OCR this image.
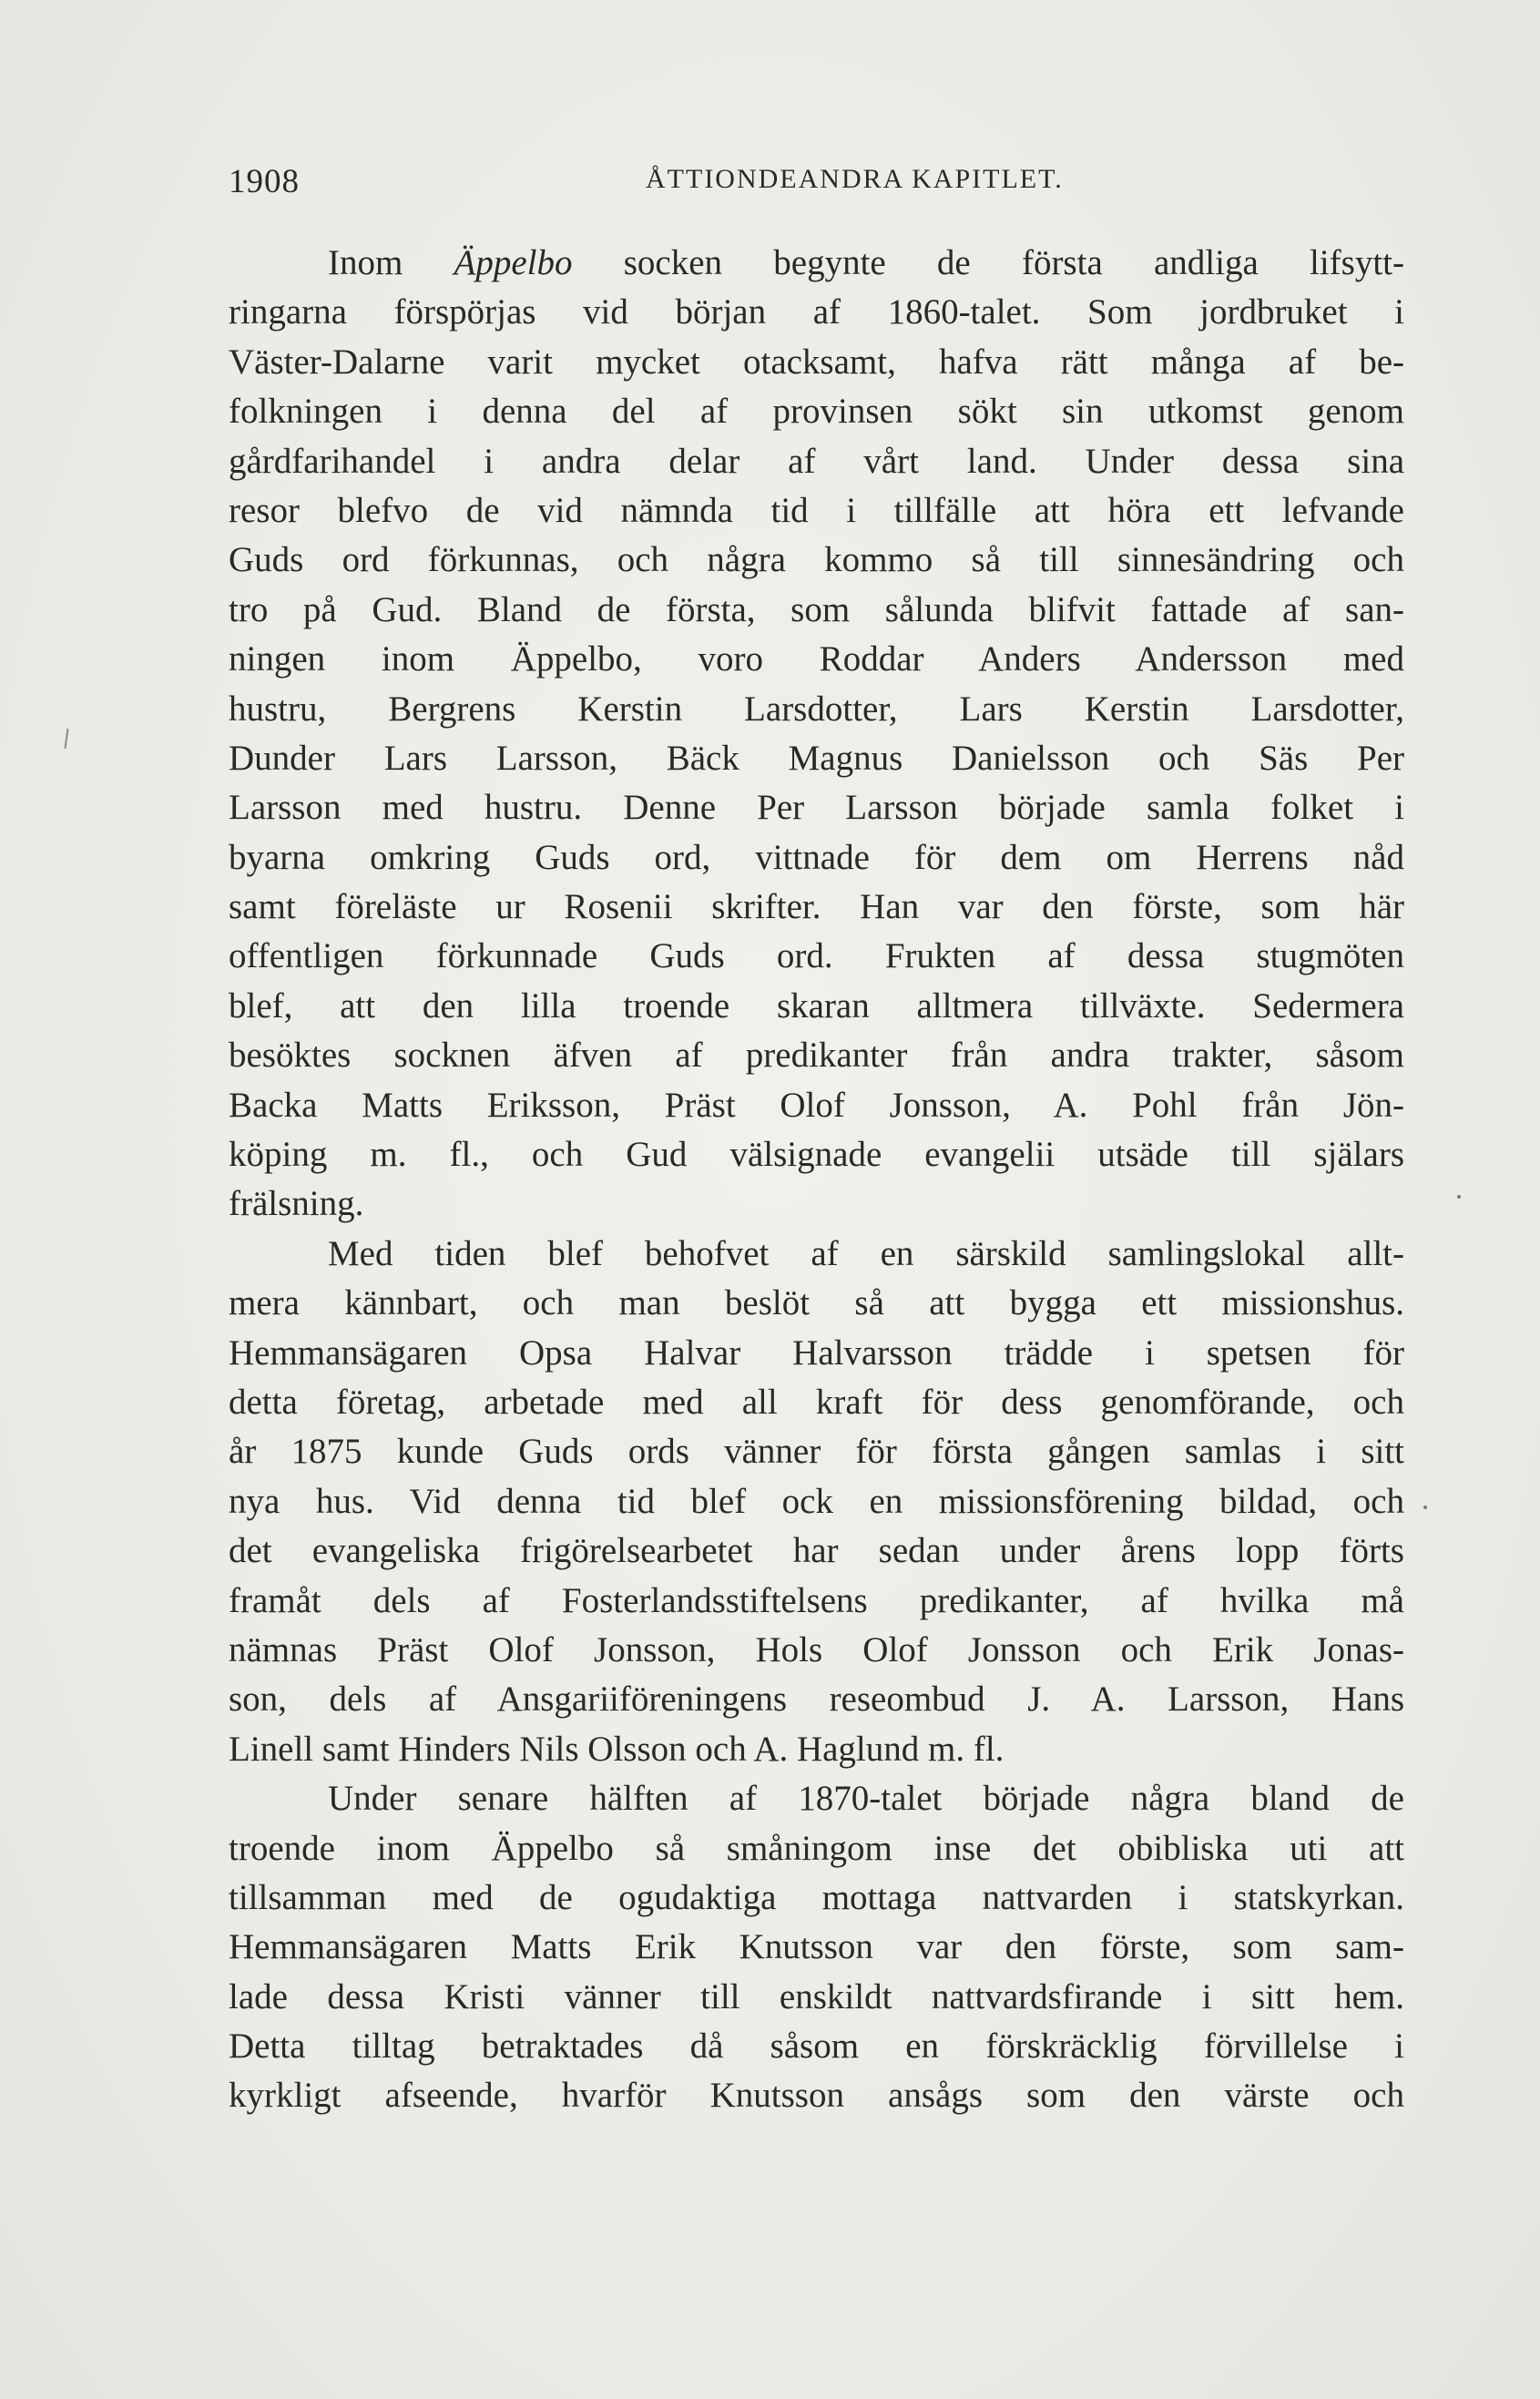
1908	ÅTTIONDEANDRA KAPITLET.
Inom Äppelbo socken begynte de första andliga lifsytt-
ringarna förspörjas vid början af 1860-talet. Som jordbruket i
Väster-Dalarne varit mycket otacksamt, hafva rätt många af be-
folkningen i denna del af provinsen sökt sin utkomst genom
gårdfarihandel i andra delar af vårt land. Under dessa sina
resor blefvo de vid nämnda tid i tillfälle att höra ett lefvande
Guds ord förkunnas, och några kommo så till sinnesändring och
tro på Gud. Bland de första, som sålunda blifvit fattade af san-
ningen inom Äppelbo, voro Roddar Anders Andersson med
hustru, Bergrens Kerstin Larsdotter, Lars Kerstin Larsdotter,
Dunder Lars Larsson, Bäck Magnus Danielsson och Säs Per
Larsson med hustru. Denne Per Larsson började samla folket i
byarna omkring Guds ord, vittnade för dem om Herrens nåd
samt föreläste ur Rosenii skrifter. Han var den förste, som här
offentligen förkunnade Guds ord. Frukten af dessa stugmöten
blef, att den lilla troende skaran alltmera tillväxte. Sedermera
besöktes socknen äfven af predikanter från andra trakter, såsom
Backa Matts Eriksson, Präst Olof Jonsson, A. Pohl från Jön-
köping m. fl., och Gud välsignade evangelii utsäde till själars
frälsning.
Med tiden blef behofvet af en särskild samlingslokal allt-
mera kännbart, och man beslöt så att bygga ett missionshus.
Hemmansägaren Opsa Halvar Halvarsson trädde i spetsen för
detta företag, arbetade med all kraft för dess genomförande, och
år 1875 kunde Guds ords vänner för första gången samlas i sitt
nya hus. Vid denna tid blef ock en missionsförening bildad, och
det evangeliska frigörelsearbetet har sedan under årens lopp förts
framåt dels af Fosterlandsstiftelsens predikanter, af hvilka må
nämnas Präst Olof Jonsson, Hols Olof Jonsson och Erik Jonas-
son, dels af Ansgariiföreningens reseombud J. A. Larsson, Hans
Linell samt Hinders Nils Olsson och A. Haglund m. fl.
Under senare hälften af 1870-talet började några bland de
troende inom Äppelbo så småningom inse det obibliska uti att
tillsamman med de ogudaktiga mottaga nattvarden i statskyrkan.
Hemmansägaren Matts Erik Knutsson var den förste, som sam-
lade dessa Kristi vänner till enskildt nattvardsfirande i sitt hem.
Detta tilltag betraktades då såsom en förskräcklig förvillelse i
kyrkligt afseende, hvarför Knutsson ansågs som den värste och
